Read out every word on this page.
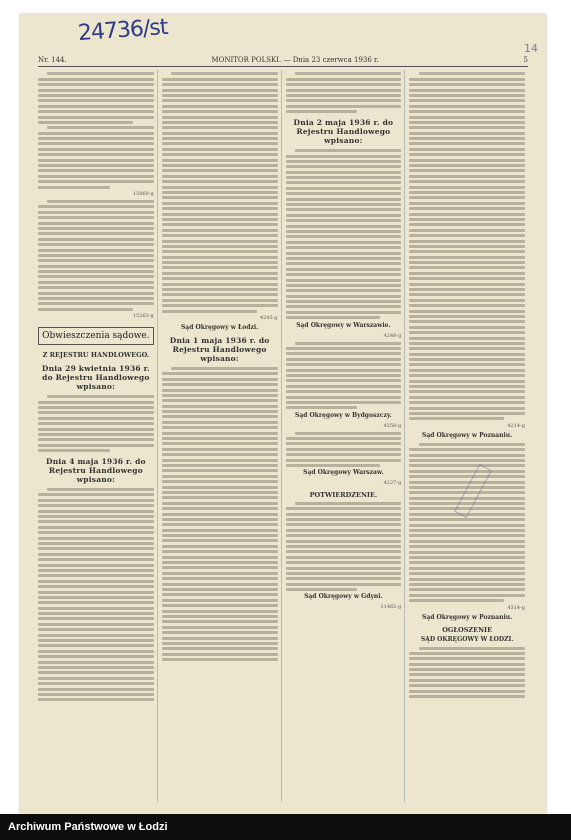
24736/st
14
Nr. 144.	MONITOR POLSKI. — Dnia 23 czerwca 1936 r.	5
15069-g
15263-g
Obwieszczenia sądowe.
Z REJESTRU HANDLOWEGO.
Dnia 29 kwietnia 1936 r. do Rejestru Handlowego wpisano:
Dnia 4 maja 1936 r. do Rejestru Handlowego wpisano:
4243-g
Sąd Okręgowy w Łodzi.
Dnia 1 maja 1936 r. do Rejestru Handlowego wpisano:
Dnia 2 maja 1936 r. do Rejestru Handlowego wpisano:
Sąd Okręgowy w Warszawie.
4248-g
Sąd Okręgowy w Bydgoszczy.
4258-g
Sąd Okręgowy Warszaw.
4227-g
POTWIERDZENIE.
Sąd Okręgowy w Gdyni.
11465-g
4214-g
Sąd Okręgowy w Poznaniu.
4314-g
Sąd Okręgowy w Poznaniu.
OGŁOSZENIE
SĄD OKRĘGOWY W ŁODZI.
Archiwum Państwowe w Łodzi
